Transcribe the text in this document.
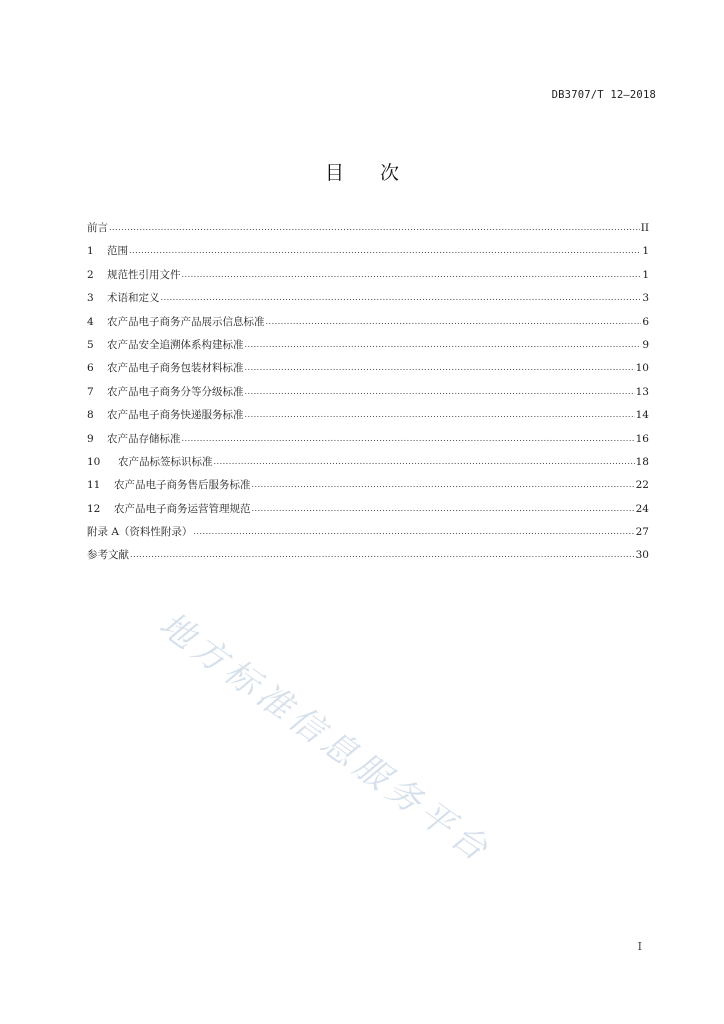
DB3707/T 12—2018
目次
前言 .....	II
1	范围 .....	1
2	规范性引用文件 .....	1
3	术语和定义 .....	3
4	农产品电子商务产品展示信息标准 .....	6
5	农产品安全追溯体系构建标准 .....	9
6	农产品电子商务包装材料标准 .....	10
7	农产品电子商务分等分级标准 .....	13
8	农产品电子商务快递服务标准 .....	14
9	农产品存储标准 .....	16
10	农产品标签标识标准 .....	18
11	农产品电子商务售后服务标准 .....	22
12	农产品电子商务运营管理规范 .....	24
附录 A（资料性附录） .....	27
参考文献 .....	30
地方标准信息服务平台
I
